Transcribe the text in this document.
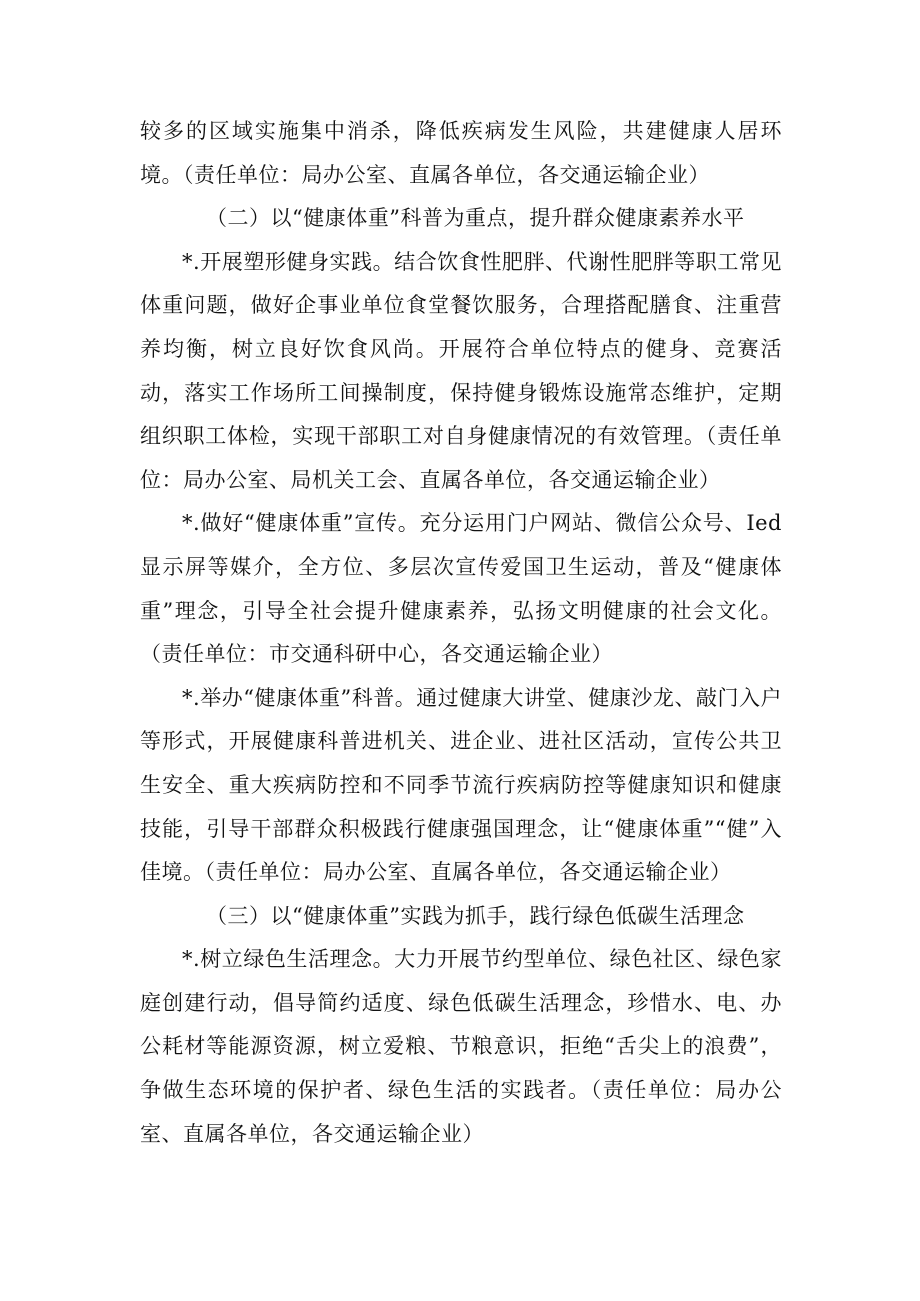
较多的区域实施集中消杀，降低疾病发生风险，共建健康人居环境。（责任单位：局办公室、直属各单位，各交通运输企业）

（二）以“健康体重”科普为重点，提升群众健康素养水平

*.开展塑形健身实践。结合饮食性肥胖、代谢性肥胖等职工常见体重问题，做好企事业单位食堂餐饮服务，合理搭配膳食、注重营养均衡，树立良好饮食风尚。开展符合单位特点的健身、竞赛活动，落实工作场所工间操制度，保持健身锻炼设施常态维护，定期组织职工体检，实现干部职工对自身健康情况的有效管理。（责任单位：局办公室、局机关工会、直属各单位，各交通运输企业）

*.做好“健康体重”宣传。充分运用门户网站、微信公众号、Ied显示屏等媒介，全方位、多层次宣传爱国卫生运动，普及“健康体重”理念，引导全社会提升健康素养，弘扬文明健康的社会文化。（责任单位：市交通科研中心，各交通运输企业）

*.举办“健康体重”科普。通过健康大讲堂、健康沙龙、敲门入户等形式，开展健康科普进机关、进企业、进社区活动，宣传公共卫生安全、重大疾病防控和不同季节流行疾病防控等健康知识和健康技能，引导干部群众积极践行健康强国理念，让“健康体重”“健”入佳境。（责任单位：局办公室、直属各单位，各交通运输企业）

（三）以“健康体重”实践为抓手，践行绿色低碳生活理念

*.树立绿色生活理念。大力开展节约型单位、绿色社区、绿色家庭创建行动，倡导简约适度、绿色低碳生活理念，珍惜水、电、办公耗材等能源资源，树立爱粮、节粮意识，拒绝“舌尖上的浪费”，争做生态环境的保护者、绿色生活的实践者。（责任单位：局办公室、直属各单位，各交通运输企业）
